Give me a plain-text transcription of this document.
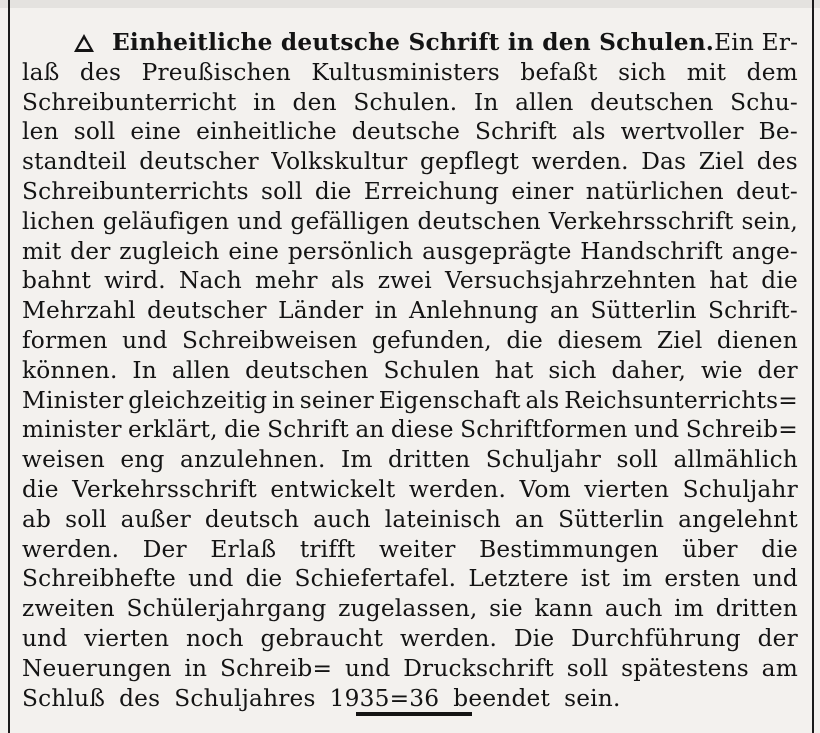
Einheitliche deutsche Schrift in den Schulen. Ein Er-
laß des Preußischen Kultusministers befaßt sich mit dem
Schreibunterricht in den Schulen. In allen deutschen Schu-
len soll eine einheitliche deutsche Schrift als wertvoller Be-
standteil deutscher Volkskultur gepflegt werden. Das Ziel des
Schreibunterrichts soll die Erreichung einer natürlichen deut-
lichen geläufigen und gefälligen deutschen Verkehrsschrift sein,
mit der zugleich eine persönlich ausgeprägte Handschrift ange-
bahnt wird. Nach mehr als zwei Versuchsjahrzehnten hat die
Mehrzahl deutscher Länder in Anlehnung an Sütterlin Schrift-
formen und Schreibweisen gefunden, die diesem Ziel dienen
können. In allen deutschen Schulen hat sich daher, wie der
Minister gleichzeitig in seiner Eigenschaft als Reichsunterrichts=
minister erklärt, die Schrift an diese Schriftformen und Schreib=
weisen eng anzulehnen. Im dritten Schuljahr soll allmählich
die Verkehrsschrift entwickelt werden. Vom vierten Schuljahr
ab soll außer deutsch auch lateinisch an Sütterlin angelehnt
werden. Der Erlaß trifft weiter Bestimmungen über die
Schreibhefte und die Schiefertafel. Letztere ist im ersten und
zweiten Schülerjahrgang zugelassen, sie kann auch im dritten
und vierten noch gebraucht werden. Die Durchführung der
Neuerungen in Schreib= und Druckschrift soll spätestens am
Schluß des Schuljahres 1935=36 beendet sein.
